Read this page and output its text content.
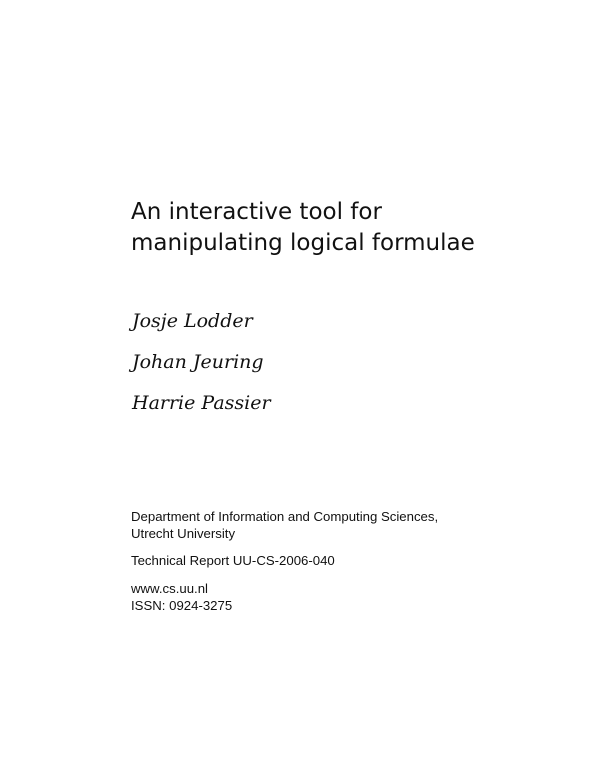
An interactive tool for
manipulating logical formulae
Josje Lodder
Johan Jeuring
Harrie Passier
Department of Information and Computing Sciences,
Utrecht University
Technical Report UU-CS-2006-040
www.cs.uu.nl
ISSN: 0924-3275
